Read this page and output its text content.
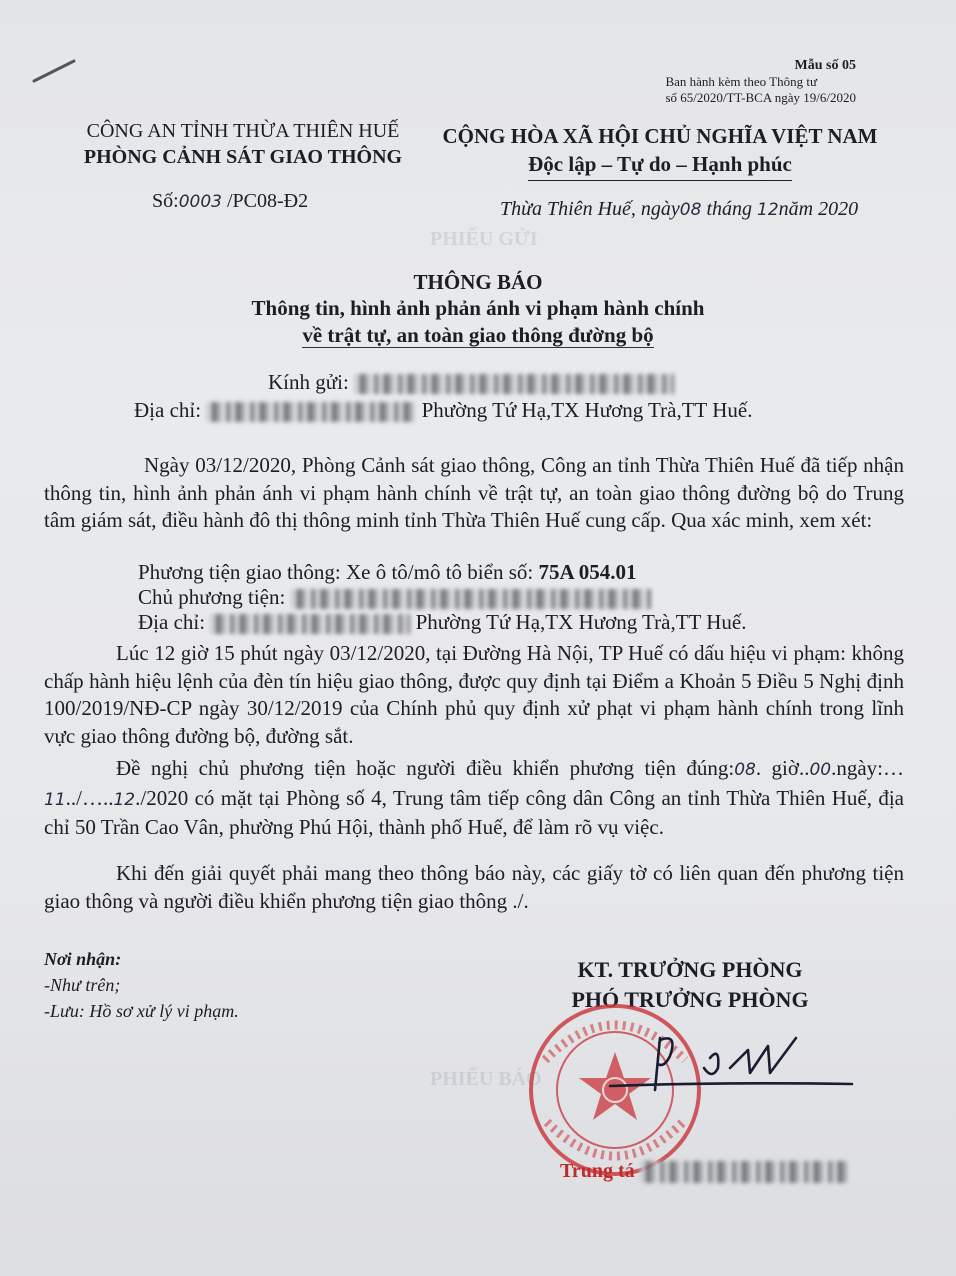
PHIẾU GỬI
PHIẾU BÁO
Mẫu số 05
Ban hành kèm theo Thông tư
số 65/2020/TT-BCA ngày 19/6/2020
CÔNG AN TỈNH THỪA THIÊN HUẾ
PHÒNG CẢNH SÁT GIAO THÔNG
CỘNG HÒA XÃ HỘI CHỦ NGHĨA VIỆT NAM
Độc lập – Tự do – Hạnh phúc
Số:0003 /PC08-Đ2	Thừa Thiên Huế, ngày08 tháng 12năm 2020
THÔNG BÁO
Thông tin, hình ảnh phản ánh vi phạm hành chính
về trật tự, an toàn giao thông đường bộ
Kính gửi:
Địa chỉ:	Phường Tứ Hạ,TX Hương Trà,TT Huế.
Ngày 03/12/2020, Phòng Cảnh sát giao thông, Công an tỉnh Thừa Thiên Huế đã tiếp nhận thông tin, hình ảnh phản ánh vi phạm hành chính về trật tự, an toàn giao thông đường bộ do Trung tâm giám sát, điều hành đô thị thông minh tỉnh Thừa Thiên Huế cung cấp. Qua xác minh, xem xét:
Phương tiện giao thông: Xe ô tô/mô tô biển số: 75A 054.01
Chủ phương tiện:
Địa chỉ:	Phường Tứ Hạ,TX Hương Trà,TT Huế.
Lúc 12 giờ 15 phút ngày 03/12/2020, tại Đường Hà Nội, TP Huế có dấu hiệu vi phạm: không chấp hành hiệu lệnh của đèn tín hiệu giao thông, được quy định tại Điểm a Khoản 5 Điều 5 Nghị định 100/2019/NĐ-CP ngày 30/12/2019 của Chính phủ quy định xử phạt vi phạm hành chính trong lĩnh vực giao thông đường bộ, đường sắt.
Đề nghị chủ phương tiện hoặc người điều khiển phương tiện đúng:08. giờ..00.ngày:…11../…..12./2020 có mặt tại Phòng số 4, Trung tâm tiếp công dân Công an tỉnh Thừa Thiên Huế, địa chỉ 50 Trần Cao Vân, phường Phú Hội, thành phố Huế, để làm rõ vụ việc.
Khi đến giải quyết phải mang theo thông báo này, các giấy tờ có liên quan đến phương tiện giao thông và người điều khiển phương tiện giao thông ./.
Nơi nhận:
-Như trên;
-Lưu: Hồ sơ xử lý vi phạm.
KT. TRƯỞNG PHÒNG
PHÓ TRƯỞNG PHÒNG
Trung tá
